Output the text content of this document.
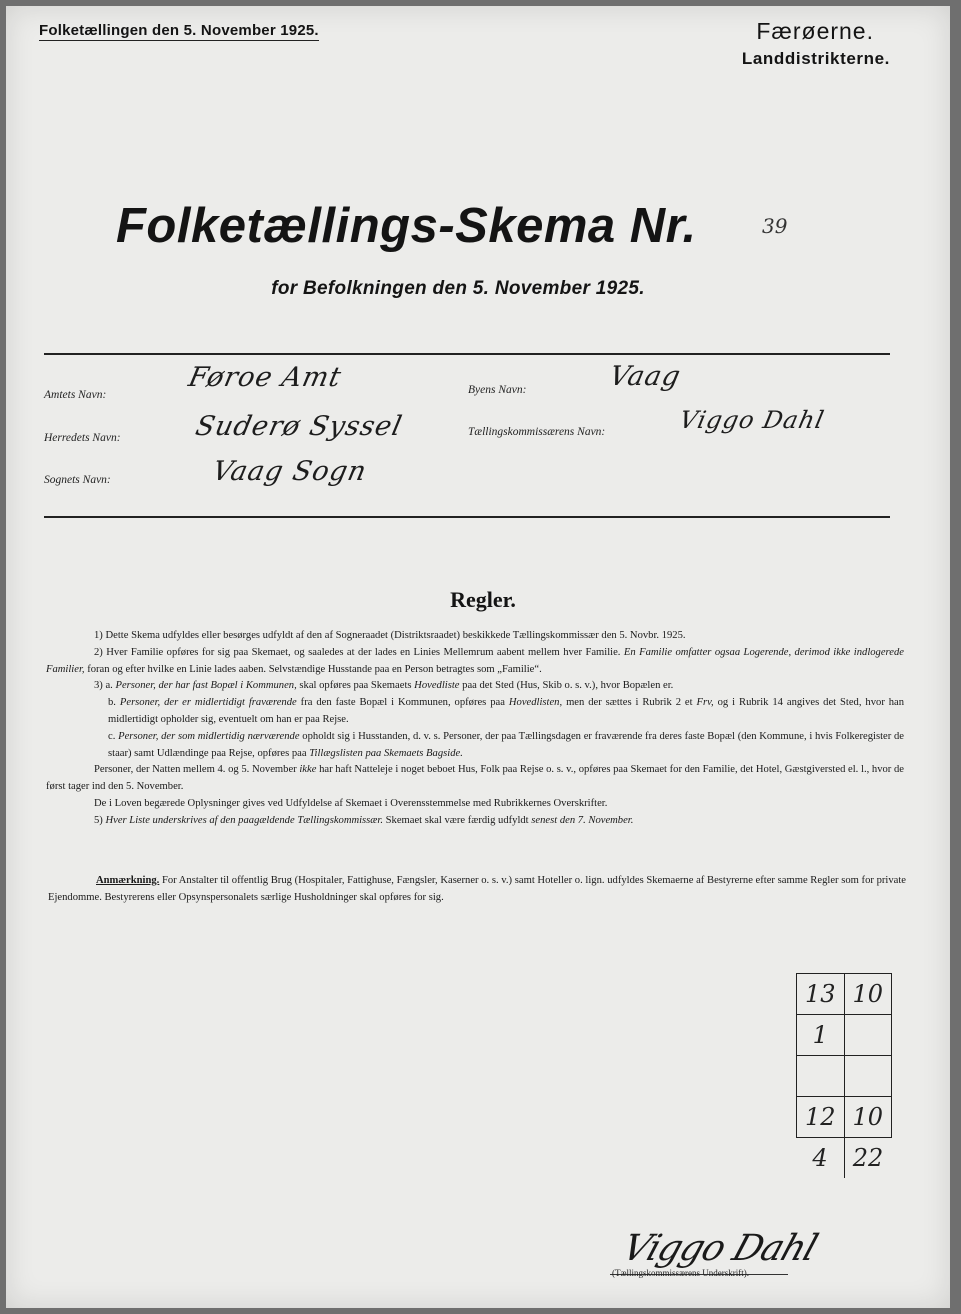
Folketællingen den 5. November 1925.	Færøerne.
Landdistrikterne.
Folketællings-Skema Nr.	39
for Befolkningen den 5. November 1925.
Amtets Navn:
Føroe Amt
Herredets Navn:	Suderø Syssel
Sognets Navn:	Vaag Sogn
Byens Navn:	Vaag
Tællingskommissærens Navn:	Viggo Dahl
Regler.

1) Dette Skema udfyldes eller besørges udfyldt af den af Sogneraadet (Distriktsraadet) beskikkede Tællingskommissær den 5. Novbr. 1925.

2) Hver Familie opføres for sig paa Skemaet, og saaledes at der lades en Linies Mellemrum aabent mellem hver Familie. En Familie omfatter ogsaa Logerende, derimod ikke indlogerede Familier, foran og efter hvilke en Linie lades aaben. Selvstændige Husstande paa en Person betragtes som „Familie“.

3) a. Personer, der har fast Bopæl i Kommunen, skal opføres paa Skemaets Hovedliste paa det Sted (Hus, Skib o. s. v.), hvor Bopælen er.

b. Personer, der er midlertidigt fraværende fra den faste Bopæl i Kommunen, opføres paa Hovedlisten, men der sættes i Rubrik 2 et Frv, og i Rubrik 14 angives det Sted, hvor han midlertidigt opholder sig, eventuelt om han er paa Rejse.

c. Personer, der som midlertidig nærværende opholdt sig i Husstanden, d. v. s. Personer, der paa Tællingsdagen er fraværende fra deres faste Bopæl (den Kommune, i hvis Folkeregister de staar) samt Udlændinge paa Rejse, opføres paa Tillægslisten paa Skemaets Bagside.

Personer, der Natten mellem 4. og 5. November ikke har haft Natteleje i noget beboet Hus, Folk paa Rejse o. s. v., opføres paa Skemaet for den Familie, det Hotel, Gæstgiversted el. l., hvor de først tager ind den 5. November.

De i Loven begærede Oplysninger gives ved Udfyldelse af Skemaet i Overensstemmelse med Rubrikkernes Overskrifter.

5) Hver Liste underskrives af den paagældende Tællingskommissær. Skemaet skal være færdig udfyldt senest den 7. November.

Anmærkning. For Anstalter til offentlig Brug (Hospitaler, Fattighuse, Fængsler, Kaserner o. s. v.) samt Hoteller o. lign. udfyldes Skemaerne af Bestyrerne efter samme Regler som for private Ejendomme. Bestyrerens eller Opsynspersonalets særlige Husholdninger skal opføres for sig.
13	10
1	

12	10
4	22
Viggo Dahl
(Tællingskommissærens Underskrift).
